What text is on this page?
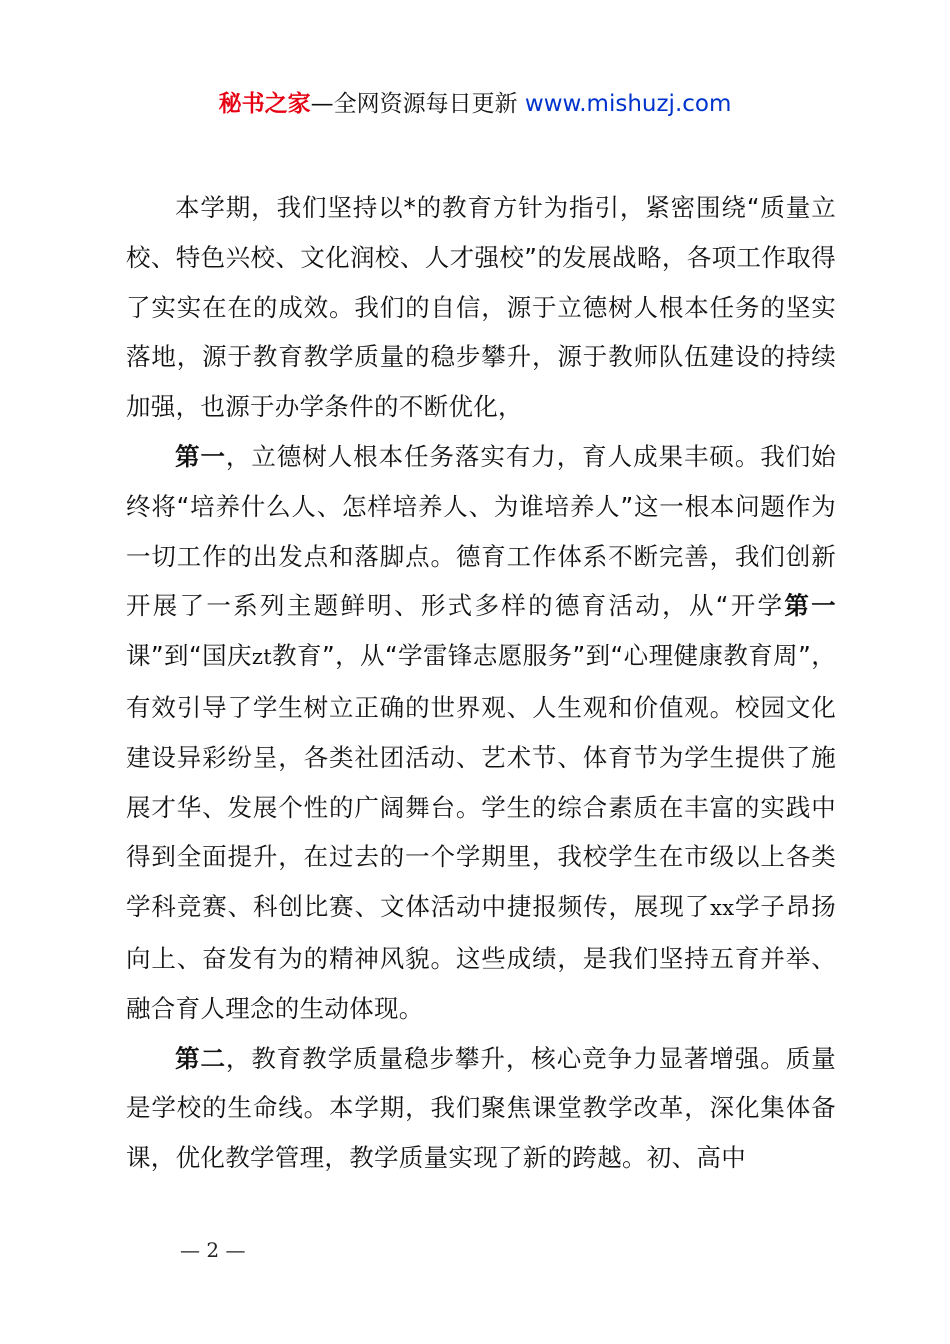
秘书之家—全网资源每日更新 www.mishuzj.com

本学期，我们坚持以*的教育方针为指引，紧密围绕“质量立校、特色兴校、文化润校、人才强校”的发展战略，各项工作取得了实实在在的成效。我们的自信，源于立德树人根本任务的坚实落地，源于教育教学质量的稳步攀升，源于教师队伍建设的持续加强，也源于办学条件的不断优化，

第一，立德树人根本任务落实有力，育人成果丰硕。我们始终将“培养什么人、怎样培养人、为谁培养人”这一根本问题作为一切工作的出发点和落脚点。德育工作体系不断完善，我们创新开展了一系列主题鲜明、形式多样的德育活动，从“开学第一课”到“国庆zt教育”，从“学雷锋志愿服务”到“心理健康教育周”，有效引导了学生树立正确的世界观、人生观和价值观。校园文化建设异彩纷呈，各类社团活动、艺术节、体育节为学生提供了施展才华、发展个性的广阔舞台。学生的综合素质在丰富的实践中得到全面提升，在过去的一个学期里，我校学生在市级以上各类学科竞赛、科创比赛、文体活动中捷报频传，展现了xx学子昂扬向上、奋发有为的精神风貌。这些成绩，是我们坚持五育并举、融合育人理念的生动体现。

第二，教育教学质量稳步攀升，核心竞争力显著增强。质量是学校的生命线。本学期，我们聚焦课堂教学改革，深化集体备课，优化教学管理，教学质量实现了新的跨越。初、高中

— 2 —
